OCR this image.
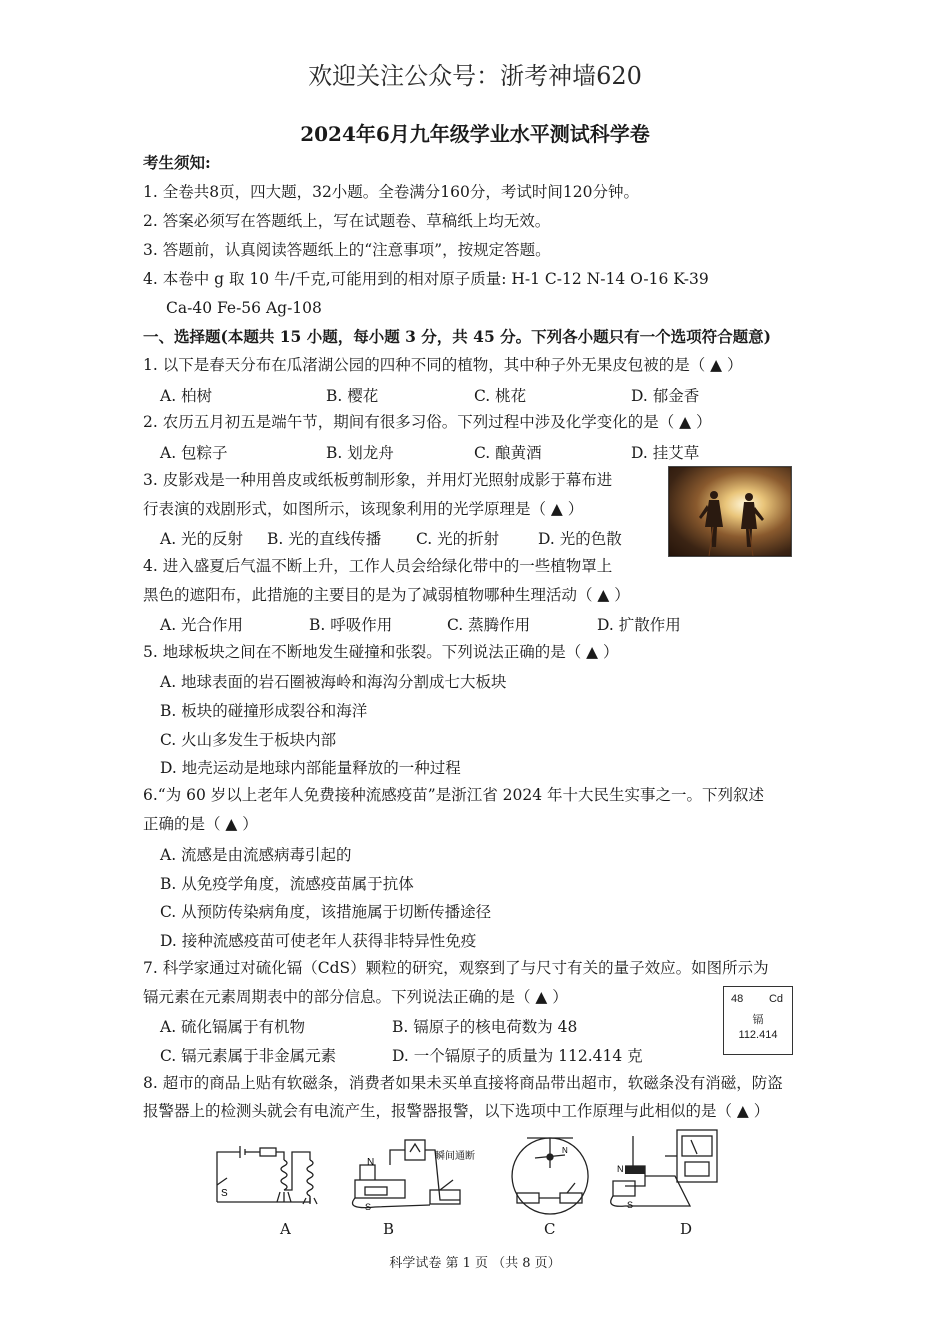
欢迎关注公众号：浙考神墙620
2024年6月九年级学业水平测试科学卷
考生须知:
1. 全卷共8页，四大题，32小题。全卷满分160分，考试时间120分钟。
2. 答案必须写在答题纸上，写在试题卷、草稿纸上均无效。
3. 答题前，认真阅读答题纸上的“注意事项”，按规定答题。
4. 本卷中 g 取 10 牛/千克,可能用到的相对原子质量: H-1 C-12 N-14 O-16 K-39
Ca-40 Fe-56 Ag-108
一、选择题(本题共 15 小题，每小题 3 分，共 45 分。下列各小题只有一个选项符合题意)
1. 以下是春天分布在瓜渚湖公园的四种不同的植物，其中种子外无果皮包被的是（ ▲ ）
A. 柏树	B. 樱花	C. 桃花	D. 郁金香
2. 农历五月初五是端午节，期间有很多习俗。下列过程中涉及化学变化的是（ ▲ ）
A. 包粽子	B. 划龙舟	C. 酿黄酒	D. 挂艾草
3. 皮影戏是一种用兽皮或纸板剪制形象，并用灯光照射成影于幕布进
行表演的戏剧形式，如图所示，该现象利用的光学原理是（ ▲ ）
A. 光的反射 B. 光的直线传播 C. 光的折射	D. 光的色散
4. 进入盛夏后气温不断上升，工作人员会给绿化带中的一些植物罩上
黑色的遮阳布，此措施的主要目的是为了减弱植物哪种生理活动（ ▲ ）
A. 光合作用	B. 呼吸作用	C. 蒸腾作用	D. 扩散作用
5. 地球板块之间在不断地发生碰撞和张裂。下列说法正确的是（ ▲ ）
A. 地球表面的岩石圈被海岭和海沟分割成七大板块
B. 板块的碰撞形成裂谷和海洋
C. 火山多发生于板块内部
D. 地壳运动是地球内部能量释放的一种过程
6.“为 60 岁以上老年人免费接种流感疫苗”是浙江省 2024 年十大民生实事之一。下列叙述
正确的是（ ▲ ）
A. 流感是由流感病毒引起的
B. 从免疫学角度，流感疫苗属于抗体
C. 从预防传染病角度，该措施属于切断传播途径
D. 接种流感疫苗可使老年人获得非特异性免疫
7. 科学家通过对硫化镉（CdS）颗粒的研究，观察到了与尺寸有关的量子效应。如图所示为
镉元素在元素周期表中的部分信息。下列说法正确的是（ ▲ ）
A. 硫化镉属于有机物	B. 镉原子的核电荷数为 48
C. 镉元素属于非金属元素	D. 一个镉原子的质量为 112.414 克
48 Cd
镉
112.414
8. 超市的商品上贴有软磁条，消费者如果未买单直接将商品带出超市，软磁条没有消磁，防盗
报警器上的检测头就会有电流产生，报警器报警，以下选项中工作原理与此相似的是（ ▲ ）
S
N
S
瞬间通断
N
N
S
A	B	C	D
科学试卷 第 1 页 （共 8 页）
